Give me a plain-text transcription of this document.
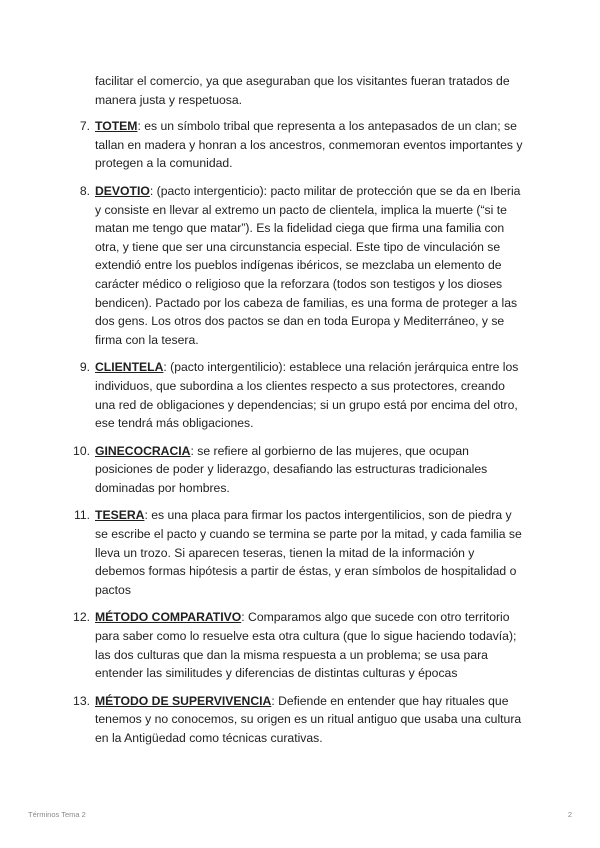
facilitar el comercio, ya que aseguraban que los visitantes fueran tratados de manera justa y respetuosa.

7. TOTEM: es un símbolo tribal que representa a los antepasados de un clan; se tallan en madera y honran a los ancestros, conmemoran eventos importantes y protegen a la comunidad.
8. DEVOTIO: (pacto intergenticio): pacto militar de protección que se da en Iberia y consiste en llevar al extremo un pacto de clientela, implica la muerte (“si te matan me tengo que matar”). Es la fidelidad ciega que firma una familia con otra, y tiene que ser una circunstancia especial. Este tipo de vinculación se extendió entre los pueblos indígenas ibéricos, se mezclaba un elemento de carácter médico o religioso que la reforzara (todos son testigos y los dioses bendicen). Pactado por los cabeza de familias, es una forma de proteger a las dos gens. Los otros dos pactos se dan en toda Europa y Mediterráneo, y se firma con la tesera.
9. CLIENTELA: (pacto intergentilicio): establece una relación jerárquica entre los individuos, que subordina a los clientes respecto a sus protectores, creando una red de obligaciones y dependencias; si un grupo está por encima del otro, ese tendrá más obligaciones.
10. GINECOCRACIA: se refiere al gorbierno de las mujeres, que ocupan posiciones de poder y liderazgo, desafiando las estructuras tradicionales dominadas por hombres.
11. TESERA: es una placa para firmar los pactos intergentilicios, son de piedra y se escribe el pacto y cuando se termina se parte por la mitad, y cada familia se lleva un trozo. Si aparecen teseras, tienen la mitad de la información y debemos formas hipótesis a partir de éstas, y eran símbolos de hospitalidad o pactos
12. MÉTODO COMPARATIVO: Comparamos algo que sucede con otro territorio para saber como lo resuelve esta otra cultura (que lo sigue haciendo todavía); las dos culturas que dan la misma respuesta a un problema; se usa para entender las similitudes y diferencias de distintas culturas y épocas
13. MÉTODO DE SUPERVIVENCIA: Defiende en entender que hay rituales que tenemos y no conocemos, su origen es un ritual antiguo que usaba una cultura en la Antigüedad como técnicas curativas.
Términos Tema 2	2
